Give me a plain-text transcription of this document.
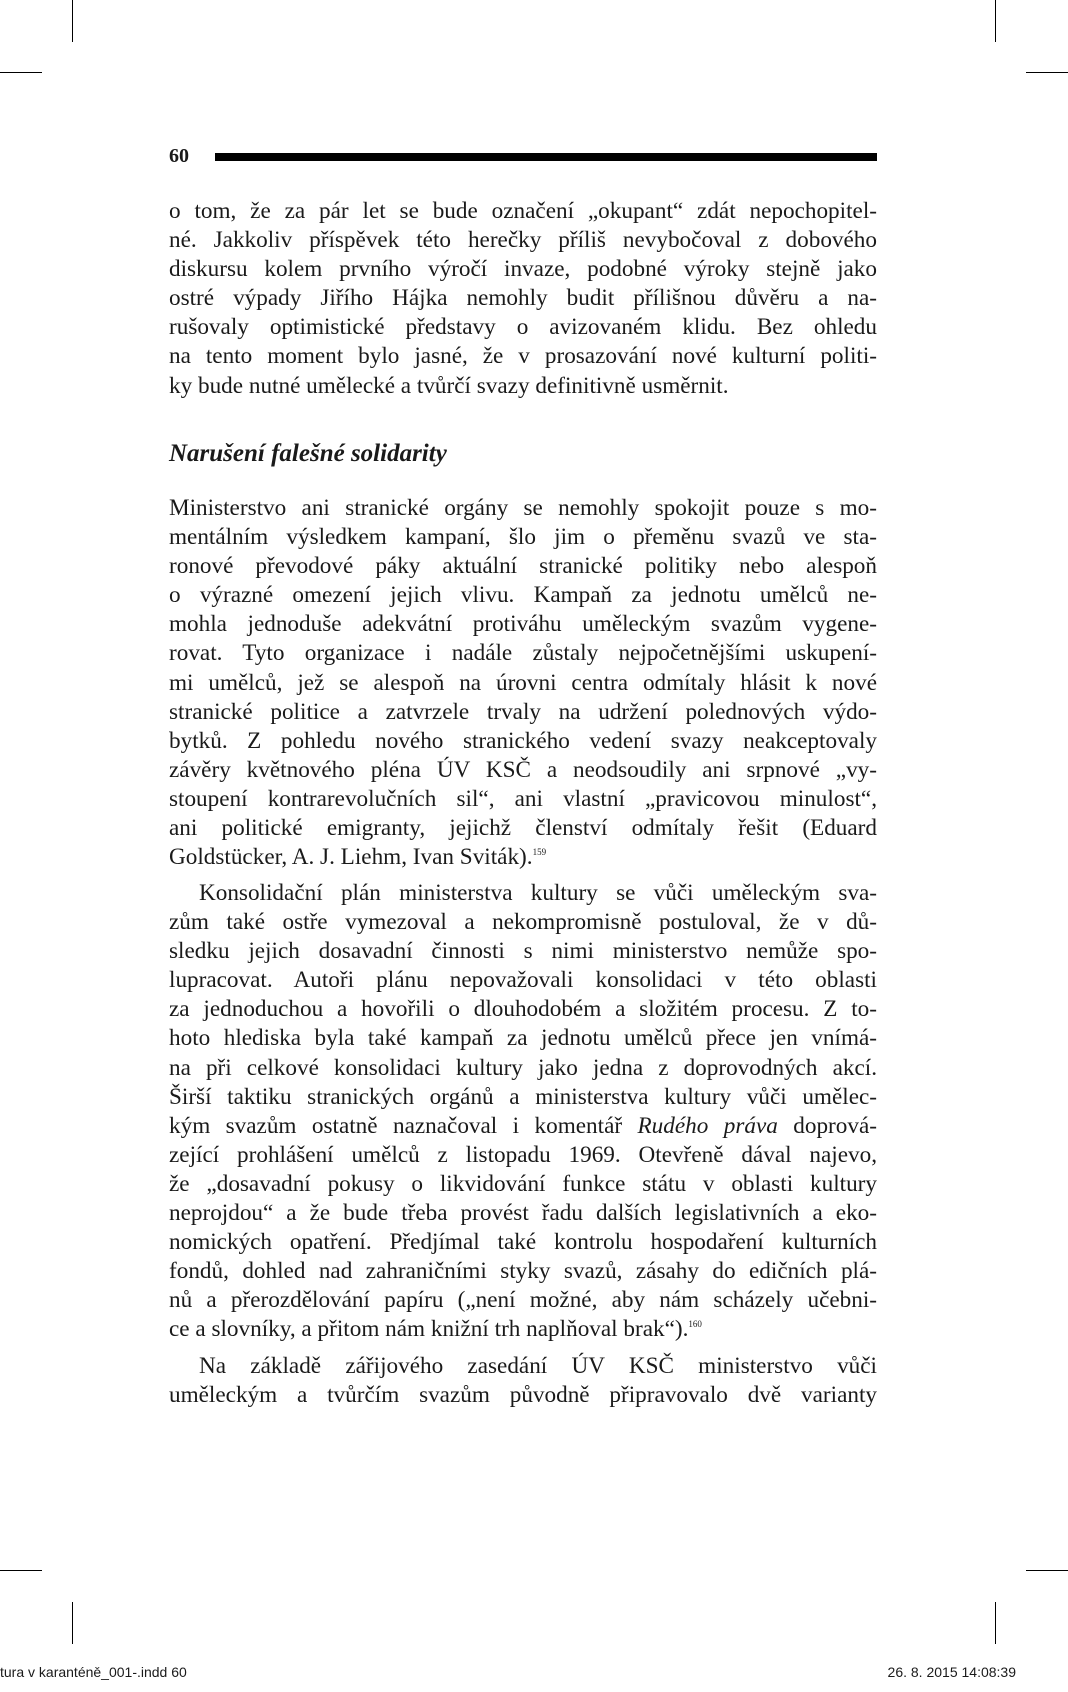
60
o tom, že za pár let se bude označení „okupant“ zdát nepochopitel-
né. Jakkoliv příspěvek této herečky příliš nevybočoval z dobového
diskursu kolem prvního výročí invaze, podobné výroky stejně jako
ostré výpady Jiřího Hájka nemohly budit přílišnou důvěru a na-
rušovaly optimistické představy o avizovaném klidu. Bez ohledu
na tento moment bylo jasné, že v prosazování nové kulturní politi-
ky bude nutné umělecké a tvůrčí svazy definitivně usměrnit.
Narušení falešné solidarity
Ministerstvo ani stranické orgány se nemohly spokojit pouze s mo-
mentálním výsledkem kampaní, šlo jim o přeměnu svazů ve sta-
ronové převodové páky aktuální stranické politiky nebo alespoň
o výrazné omezení jejich vlivu. Kampaň za jednotu umělců ne-
mohla jednoduše adekvátní protiváhu uměleckým svazům vygene-
rovat. Tyto organizace i nadále zůstaly nejpočetnějšími uskupení-
mi umělců, jež se alespoň na úrovni centra odmítaly hlásit k nové
stranické politice a zatvrzele trvaly na udržení polednových výdo-
bytků. Z pohledu nového stranického vedení svazy neakceptovaly
závěry květnového pléna ÚV KSČ a neodsoudily ani srpnové „vy-
stoupení kontrarevolučních sil“, ani vlastní „pravicovou minulost“,
ani politické emigranty, jejichž členství odmítaly řešit (Eduard
Goldstücker, A. J. Liehm, Ivan Sviták).$^{159}$
Konsolidační plán ministerstva kultury se vůči uměleckým sva-
zům také ostře vymezoval a nekompromisně postuloval, že v dů-
sledku jejich dosavadní činnosti s nimi ministerstvo nemůže spo-
lupracovat. Autoři plánu nepovažovali konsolidaci v této oblasti
za jednoduchou a hovořili o dlouhodobém a složitém procesu. Z to-
hoto hlediska byla také kampaň za jednotu umělců přece jen vnímá-
na při celkové konsolidaci kultury jako jedna z doprovodných akcí.
Širší taktiku stranických orgánů a ministerstva kultury vůči umělec-
kým svazům ostatně naznačoval i komentář Rudého práva doprová-
zející prohlášení umělců z listopadu 1969. Otevřeně dával najevo,
že „dosavadní pokusy o likvidování funkce státu v oblasti kultury
neprojdou“ a že bude třeba provést řadu dalších legislativních a eko-
nomických opatření. Předjímal také kontrolu hospodaření kulturních
fondů, dohled nad zahraničními styky svazů, zásahy do edičních plá-
nů a přerozdělování papíru („není možné, aby nám scházely učebni-
ce a slovníky, a přitom nám knižní trh naplňoval brak“).$^{160}$
Na základě zářijového zasedání ÚV KSČ ministerstvo vůči
uměleckým a tvůrčím svazům původně připravovalo dvě varianty
tura v karanténě_001-.indd 60	26. 8. 2015 14:08:39
